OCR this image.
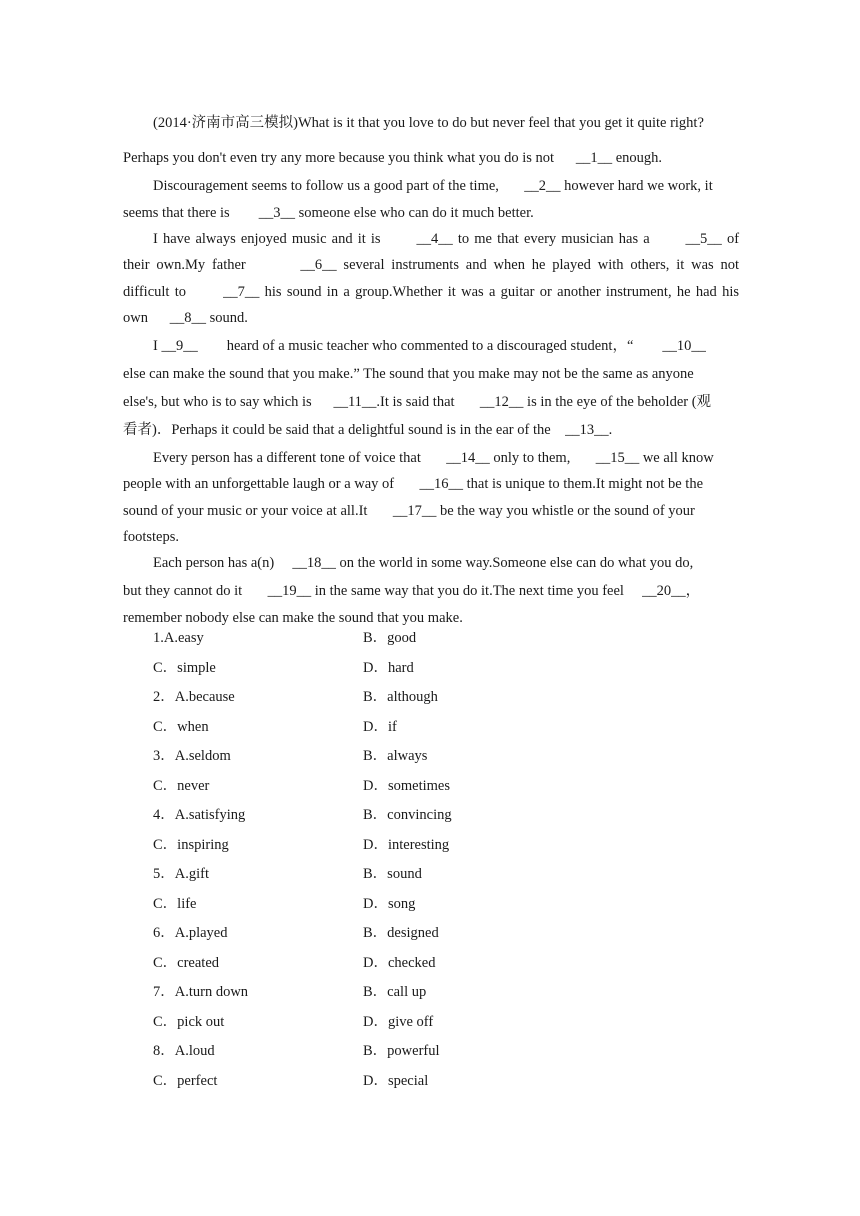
(2014·济南市高三模拟)What is it that you love to do but never feel that you get it quite right?
Perhaps you don't even try any more because you think what you do is not __1__ enough.

Discouragement seems to follow us a good part of the time, __2__ however hard we work, it
seems that there is __3__ someone else who can do it much better.

I have always enjoyed music and it is __4__ to me that every musician has a __5__ of
their own.My father	__6__ several instruments and when he played with others, it was not
difficult to	__7__ his sound in a group.Whether it was a guitar or another instrument, he had his
own __8__ sound.

I __9__ heard of a music teacher who commented to a discouraged student，“ __10__
else can make the sound that you make.” The sound that you make may not be the same as anyone
else's, but who is to say which is __11__.It is said that __12__ is in the eye of the beholder (观
看者)．Perhaps it could be said that a delightful sound is in the ear of the __13__.

Every person has a different tone of voice that __14__ only to them, __15__ we all know
people with an unforgettable laugh or a way of __16__ that is unique to them.It might not be the
sound of your music or your voice at all.It __17__ be the way you whistle or the sound of your
footsteps.

Each person has a(n) __18__ on the world in some way.Someone else can do what you do,
but they cannot do it __19__ in the same way that you do it.The next time you feel __20__，
remember nobody else can make the sound that you make.

1.A.easy	B．good
C．simple	D．hard
2．A.because	B．although
C．when	D．if
3．A.seldom	B．always
C．never	D．sometimes
4．A.satisfying	B．convincing
C．inspiring	D．interesting
5．A.gift	B．sound
C．life	D．song
6．A.played	B．designed
C．created	D．checked
7．A.turn down	B．call up
C．pick out	D．give off
8．A.loud	B．powerful
C．perfect	D．special
